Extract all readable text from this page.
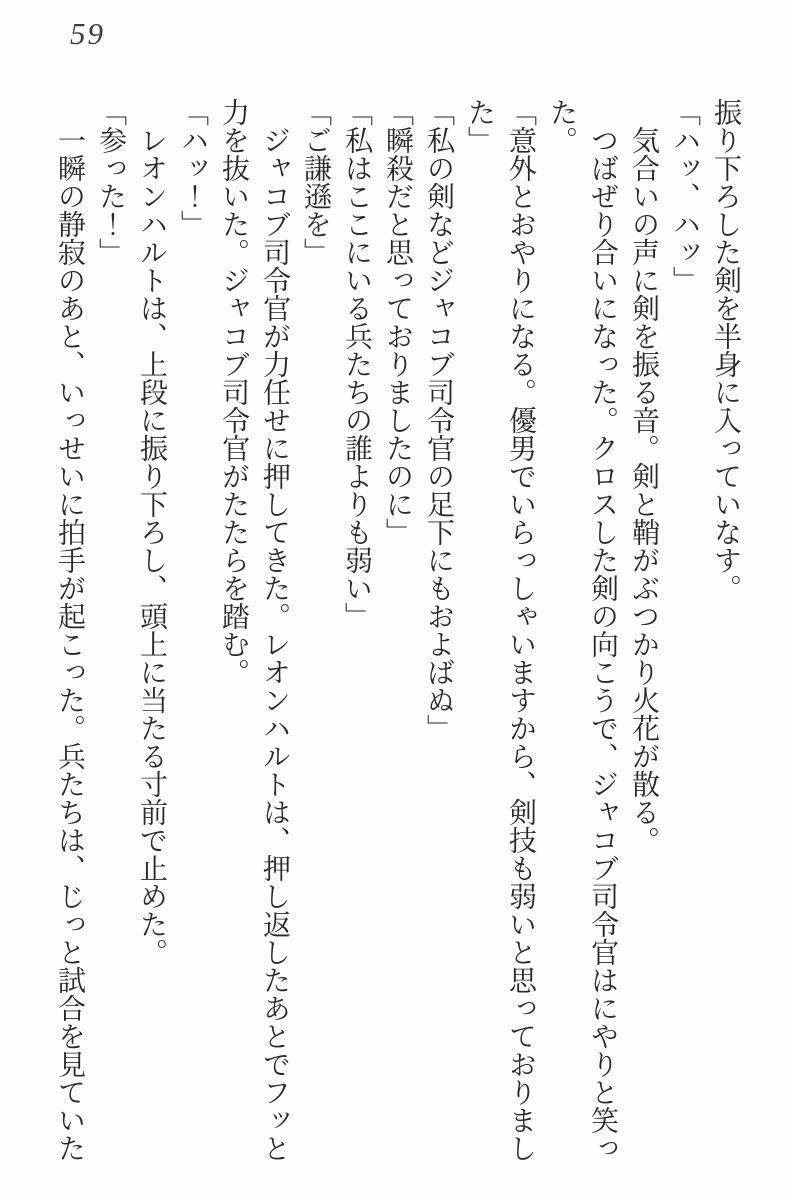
59

振り下ろした剣を半身に入っていなす。

「ハッ、ハッ」

気合いの声に剣を振る音。剣と鞘がぶつかり火花が散る。

つばぜり合いになった。クロスした剣の向こうで、ジャコブ司令官はにやりと笑った。

「意外とおやりになる。優男でいらっしゃいますから、剣技も弱いと思っておりました」

「私の剣などジャコブ司令官の足下にもおよばぬ」

「瞬殺だと思っておりましたのに」

「私はここにいる兵たちの誰よりも弱い」

「ご謙遜を」

ジャコブ司令官が力任せに押してきた。レオンハルトは、押し返したあとでフッと力を抜いた。ジャコブ司令官がたたらを踏む。

「ハッ！」

レオンハルトは、上段に振り下ろし、頭上に当たる寸前で止めた。

「参った！」

一瞬の静寂のあと、いっせいに拍手が起こった。兵たちは、じっと試合を見ていた
